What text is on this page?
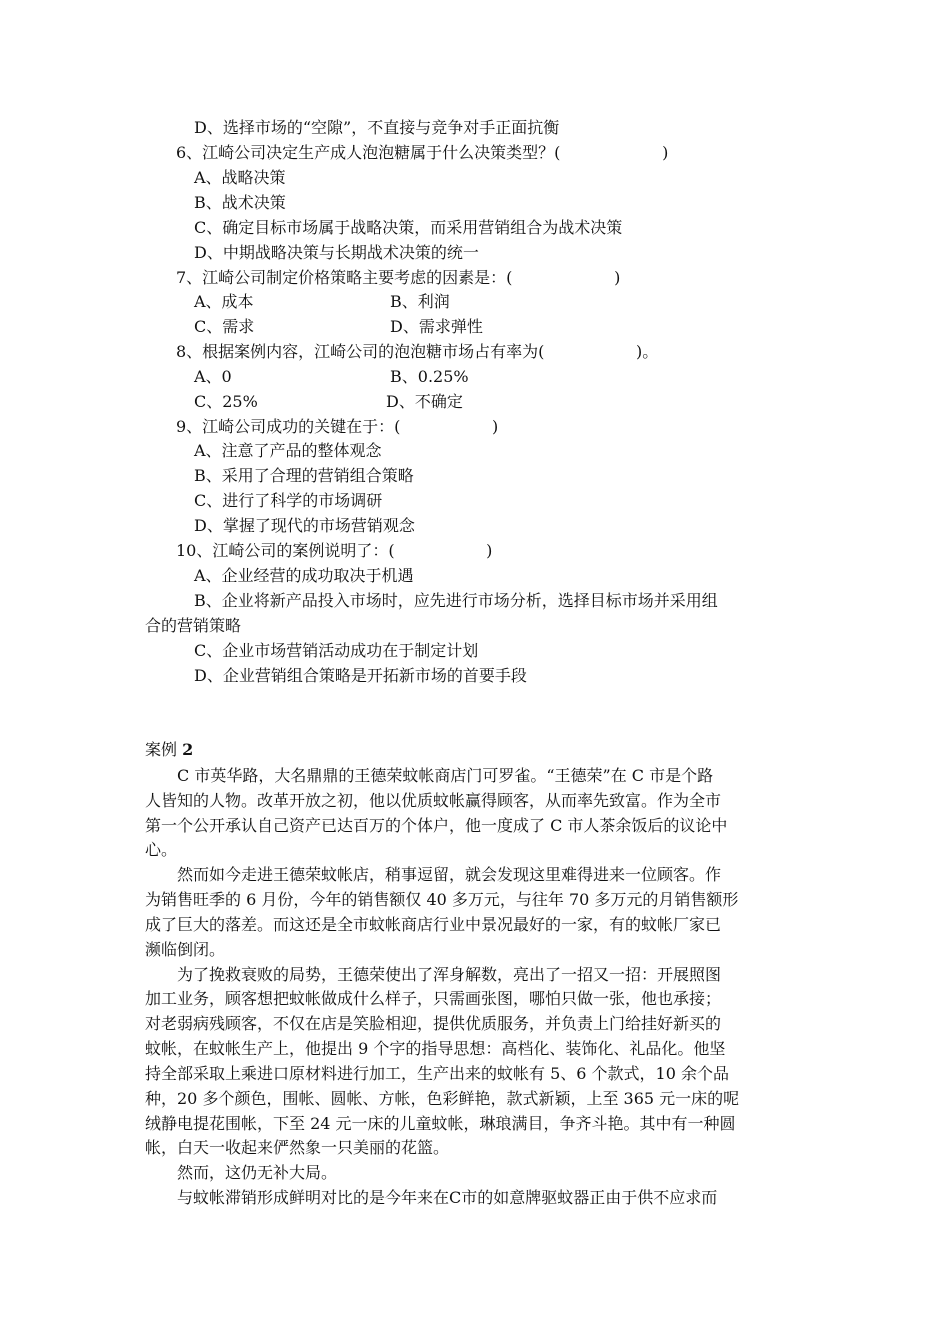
D、选择市场的“空隙”，不直接与竞争对手正面抗衡
6、江崎公司决定生产成人泡泡糖属于什么决策类型？(                    )
A、战略决策
B、战术决策
C、确定目标市场属于战略决策，而采用营销组合为战术决策
D、中期战略决策与长期战术决策的统一
7、江崎公司制定价格策略主要考虑的因素是：(                    )
A、成本	B、利润
C、需求	D、需求弹性
8、根据案例内容，江崎公司的泡泡糖市场占有率为(                  )。
A、0	B、0.25%
C、25%	D、不确定
9、江崎公司成功的关键在于：(                  )
A、注意了产品的整体观念
B、采用了合理的营销组合策略
C、进行了科学的市场调研
D、掌握了现代的市场营销观念
10、江崎公司的案例说明了：(                  )
A、企业经营的成功取决于机遇
B、企业将新产品投入市场时，应先进行市场分析，选择目标市场并采用组
合的营销策略
C、企业市场营销活动成功在于制定计划
D、企业营销组合策略是开拓新市场的首要手段
案例 2
C 市英华路，大名鼎鼎的王德荣蚊帐商店门可罗雀。“王德荣”在 C 市是个路
人皆知的人物。改革开放之初，他以优质蚊帐赢得顾客，从而率先致富。作为全市
第一个公开承认自己资产已达百万的个体户，他一度成了 C 市人茶余饭后的议论中
心。
然而如今走进王德荣蚊帐店，稍事逗留，就会发现这里难得进来一位顾客。作
为销售旺季的 6 月份，今年的销售额仅 40 多万元，与往年 70 多万元的月销售额形
成了巨大的落差。而这还是全市蚊帐商店行业中景况最好的一家，有的蚊帐厂家已
濒临倒闭。
为了挽救衰败的局势，王德荣使出了浑身解数，亮出了一招又一招：开展照图
加工业务，顾客想把蚊帐做成什么样子，只需画张图，哪怕只做一张，他也承接；
对老弱病残顾客，不仅在店是笑脸相迎，提供优质服务，并负责上门给挂好新买的
蚊帐，在蚊帐生产上，他提出 9 个字的指导思想：高档化、装饰化、礼品化。他坚
持全部采取上乘进口原材料进行加工，生产出来的蚊帐有 5、6 个款式，10 余个品
种，20 多个颜色，围帐、圆帐、方帐，色彩鲜艳，款式新颖，上至 365 元一床的呢
绒静电提花围帐，下至 24 元一床的儿童蚊帐，琳琅满目，争齐斗艳。其中有一种圆
帐，白天一收起来俨然象一只美丽的花篮。
然而，这仍无补大局。
与蚊帐滞销形成鲜明对比的是今年来在C市的如意牌驱蚊器正由于供不应求而
